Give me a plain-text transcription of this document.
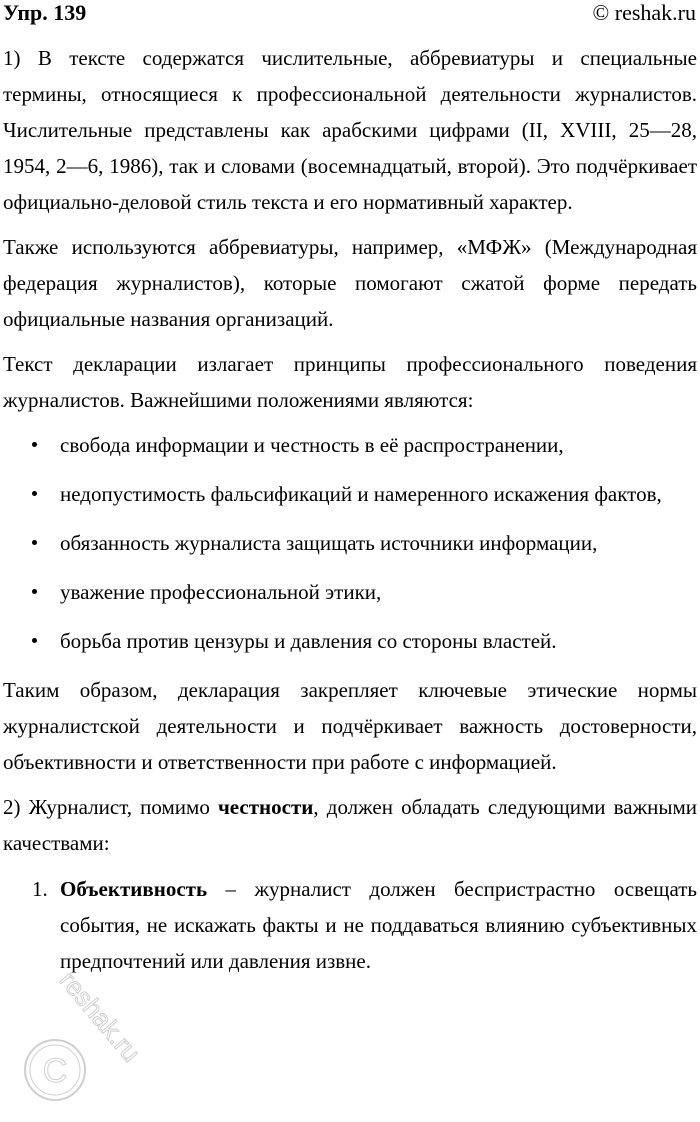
Упр. 139	© reshak.ru

1) В тексте содержатся числительные, аббревиатуры и специальные термины, относящиеся к профессиональной деятельности журналистов. Числительные представлены как арабскими цифрами (II, XVIII, 25—28, 1954, 2—6, 1986), так и словами (восемнадцатый, второй). Это подчёркивает официально-деловой стиль текста и его нормативный характер.

Также используются аббревиатуры, например, «МФЖ» (Международная федерация журналистов), которые помогают сжатой форме передать официальные названия организаций.

Текст декларации излагает принципы профессионального поведения журналистов. Важнейшими положениями являются:

свобода информации и честность в её распространении,
недопустимость фальсификаций и намеренного искажения фактов,
обязанность журналиста защищать источники информации,
уважение профессиональной этики,
борьба против цензуры и давления со стороны властей.

Таким образом, декларация закрепляет ключевые этические нормы журналистской деятельности и подчёркивает важность достоверности, объективности и ответственности при работе с информацией.

2) Журналист, помимо честности, должен обладать следующими важными качествами:

1. Объективность – журналист должен беспристрастно освещать события, не искажать факты и не поддаваться влиянию субъективных предпочтений или давления извне.
C
reshak.ru
